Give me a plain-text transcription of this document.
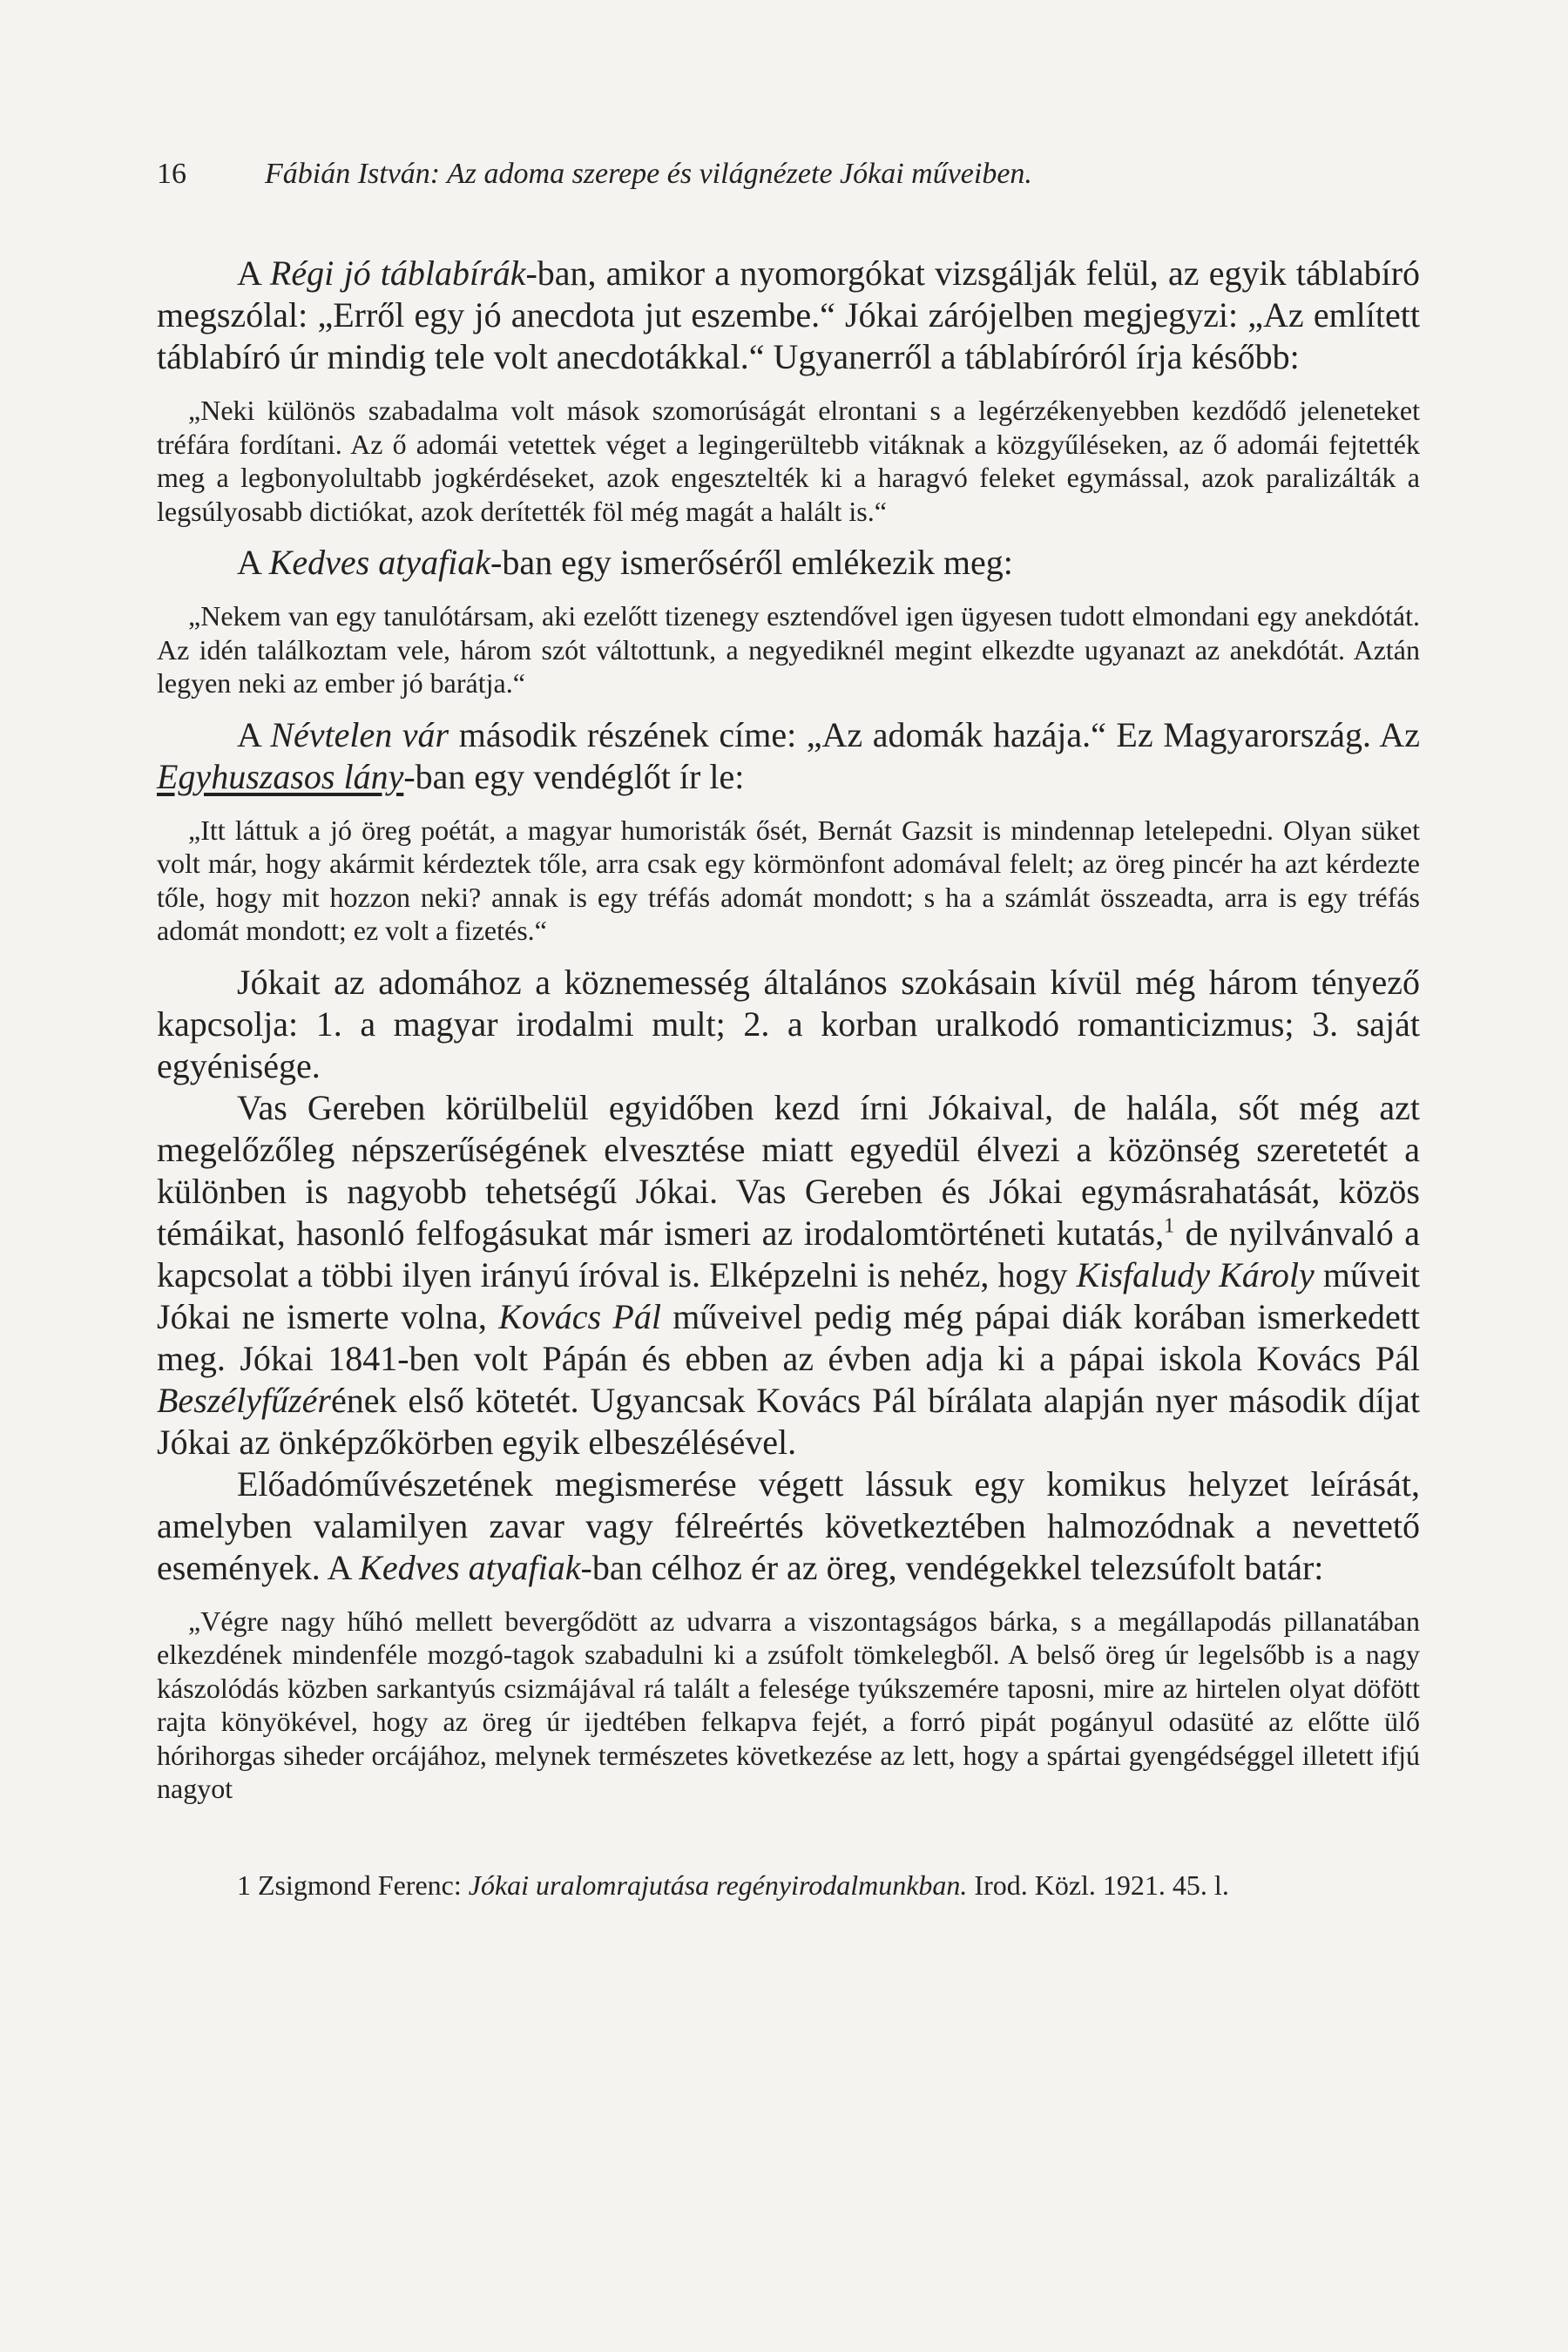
16	Fábián István: Az adoma szerepe és világnézete Jókai műveiben.

A Régi jó táblabírák-ban, amikor a nyomorgókat vizsgálják felül, az egyik táblabíró megszólal: „Erről egy jó anecdota jut eszembe.“ Jókai zárójelben megjegyzi: „Az említett táblabíró úr mindig tele volt anecdotákkal.“ Ugyanerről a táblabíróról írja később:

„Neki különös szabadalma volt mások szomorúságát elrontani s a legérzékenyebben kezdődő jeleneteket tréfára fordítani. Az ő adomái vetettek véget a legingerültebb vitáknak a közgyűléseken, az ő adomái fejtették meg a legbonyolultabb jogkérdéseket, azok engesztelték ki a haragvó feleket egymással, azok paralizálták a legsúlyosabb dictiókat, azok derítették föl még magát a halált is.“

A Kedves atyafiak-ban egy ismerőséről emlékezik meg:

„Nekem van egy tanulótársam, aki ezelőtt tizenegy esztendővel igen ügyesen tudott elmondani egy anekdótát. Az idén találkoztam vele, három szót váltottunk, a negyediknél megint elkezdte ugyanazt az anekdótát. Aztán legyen neki az ember jó barátja.“

A Névtelen vár második részének címe: „Az adomák hazája.“ Ez Magyarország. Az Egyhuszasos lány-ban egy vendéglőt ír le:

„Itt láttuk a jó öreg poétát, a magyar humoristák ősét, Bernát Gazsit is mindennap letelepedni. Olyan süket volt már, hogy akármit kérdeztek tőle, arra csak egy körmönfont adomával felelt; az öreg pincér ha azt kérdezte tőle, hogy mit hozzon neki? annak is egy tréfás adomát mondott; s ha a számlát összeadta, arra is egy tréfás adomát mondott; ez volt a fizetés.“

Jókait az adomához a köznemesség általános szokásain kívül még három tényező kapcsolja: 1. a magyar irodalmi mult; 2. a korban uralkodó romanticizmus; 3. saját egyénisége.

Vas Gereben körülbelül egyidőben kezd írni Jókaival, de halála, sőt még azt megelőzőleg népszerűségének elvesztése miatt egyedül élvezi a közönség szeretetét a különben is nagyobb tehetségű Jókai. Vas Gereben és Jókai egymásrahatását, közös témáikat, hasonló felfogásukat már ismeri az irodalomtörténeti kutatás,$^1$ de nyilvánvaló a kapcsolat a többi ilyen irányú íróval is. Elképzelni is nehéz, hogy Kisfaludy Károly műveit Jókai ne ismerte volna, Kovács Pál műveivel pedig még pápai diák korában ismerkedett meg. Jókai 1841-ben volt Pápán és ebben az évben adja ki a pápai iskola Kovács Pál Beszélyfűzérének első kötetét. Ugyancsak Kovács Pál bírálata alapján nyer második díjat Jókai az önképzőkörben egyik elbeszélésével.

Előadóművészetének megismerése végett lássuk egy komikus helyzet leírását, amelyben valamilyen zavar vagy félreértés következtében halmozódnak a nevettető események. A Kedves atyafiak-ban célhoz ér az öreg, vendégekkel telezsúfolt batár:

„Végre nagy hűhó mellett bevergődött az udvarra a viszontagságos bárka, s a megállapodás pillanatában elkezdének mindenféle mozgó-tagok szabadulni ki a zsúfolt tömkelegből. A belső öreg úr legelsőbb is a nagy kászolódás közben sarkantyús csizmájával rá talált a felesége tyúkszemére taposni, mire az hirtelen olyat döfött rajta könyökével, hogy az öreg úr ijedtében felkapva fejét, a forró pipát pogányul odasüté az előtte ülő hórihorgas siheder orcájához, melynek természetes következése az lett, hogy a spártai gyengédséggel illetett ifjú nagyot

1 Zsigmond Ferenc: Jókai uralomrajutása regényirodalmunkban. Irod. Közl. 1921. 45. l.
